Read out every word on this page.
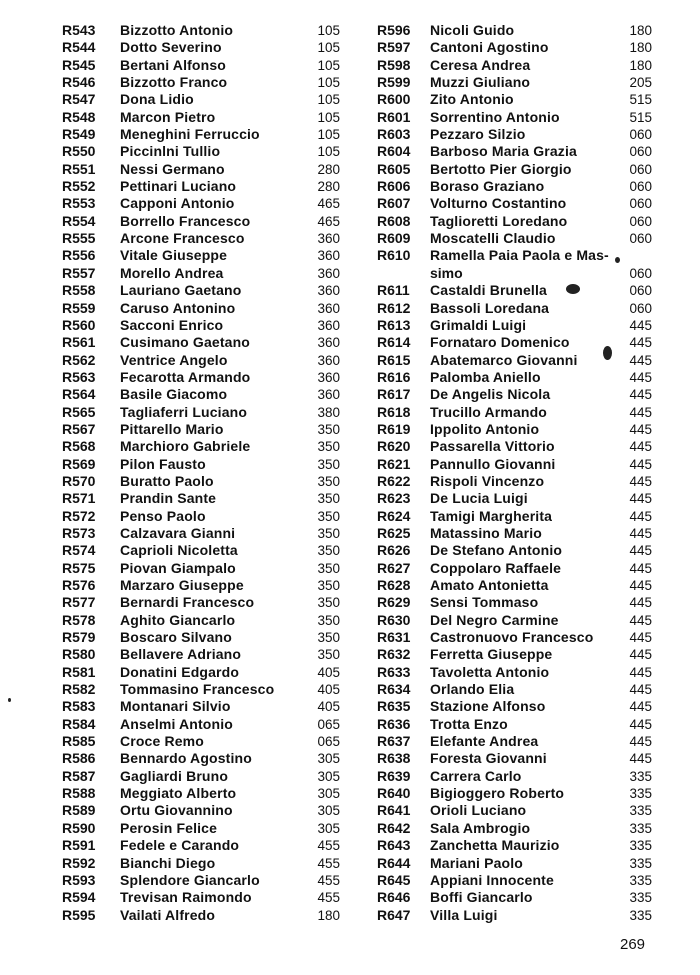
R543 Bizzotto Antonio	105
R544 Dotto Severino	105
R545 Bertani Alfonso	105
R546 Bizzotto Franco	105
R547 Dona Lidio	105
R548 Marcon Pietro	105
R549 Meneghini Ferruccio	105
R550 Piccinlni Tullio	105
R551 Nessi Germano	280
R552 Pettinari Luciano	280
R553 Capponi Antonio	465
R554 Borrello Francesco	465
R555 Arcone Francesco	360
R556 Vitale Giuseppe	360
R557 Morello Andrea	360
R558 Lauriano Gaetano	360
R559 Caruso Antonino	360
R560 Sacconi Enrico	360
R561 Cusimano Gaetano	360
R562 Ventrice Angelo	360
R563 Fecarotta Armando	360
R564 Basile Giacomo	360
R565 Tagliaferri Luciano	380
R567 Pittarello Mario	350
R568 Marchioro Gabriele	350
R569 Pilon Fausto	350
R570 Buratto Paolo	350
R571 Prandin Sante	350
R572 Penso Paolo	350
R573 Calzavara Gianni	350
R574 Caprioli Nicoletta	350
R575 Piovan Giampalo	350
R576 Marzaro Giuseppe	350
R577 Bernardi Francesco	350
R578 Aghito Giancarlo	350
R579 Boscaro Silvano	350
R580 Bellavere Adriano	350
R581 Donatini Edgardo	405
R582 Tommasino Francesco	405
R583 Montanari Silvio	405
R584 Anselmi Antonio	065
R585 Croce Remo	065
R586 Bennardo Agostino	305
R587 Gagliardi Bruno	305
R588 Meggiato Alberto	305
R589 Ortu Giovannino	305
R590 Perosin Felice	305
R591 Fedele e Carando	455
R592 Bianchi Diego	455
R593 Splendore Giancarlo	455
R594 Trevisan Raimondo	455
R595 Vailati Alfredo	180
R596 Nicoli Guido	180
R597 Cantoni Agostino	180
R598 Ceresa Andrea	180
R599 Muzzi Giuliano	205
R600 Zito Antonio	515
R601 Sorrentino Antonio	515
R603 Pezzaro Silzio	060
R604 Barboso Maria Grazia	060
R605 Bertotto Pier Giorgio	060
R606 Boraso Graziano	060
R607 Volturno Costantino	060
R608 Taglioretti Loredano	060
R609 Moscatelli Claudio	060
R610 Ramella Paia Paola e Mas-
simo	060
R611 Castaldi Brunella	060
R612 Bassoli Loredana	060
R613 Grimaldi Luigi	445
R614 Fornataro Domenico	445
R615 Abatemarco Giovanni	445
R616 Palomba Aniello	445
R617 De Angelis Nicola	445
R618 Trucillo Armando	445
R619 Ippolito Antonio	445
R620 Passarella Vittorio	445
R621 Pannullo Giovanni	445
R622 Rispoli Vincenzo	445
R623 De Lucia Luigi	445
R624 Tamigi Margherita	445
R625 Matassino Mario	445
R626 De Stefano Antonio	445
R627 Coppolaro Raffaele	445
R628 Amato Antonietta	445
R629 Sensi Tommaso	445
R630 Del Negro Carmine	445
R631 Castronuovo Francesco	445
R632 Ferretta Giuseppe	445
R633 Tavoletta Antonio	445
R634 Orlando Elia	445
R635 Stazione Alfonso	445
R636 Trotta Enzo	445
R637 Elefante Andrea	445
R638 Foresta Giovanni	445
R639 Carrera Carlo	335
R640 Bigioggero Roberto	335
R641 Orioli Luciano	335
R642 Sala Ambrogio	335
R643 Zanchetta Maurizio	335
R644 Mariani Paolo	335
R645 Appiani Innocente	335
R646 Boffi Giancarlo	335
R647 Villa Luigi	335
269
